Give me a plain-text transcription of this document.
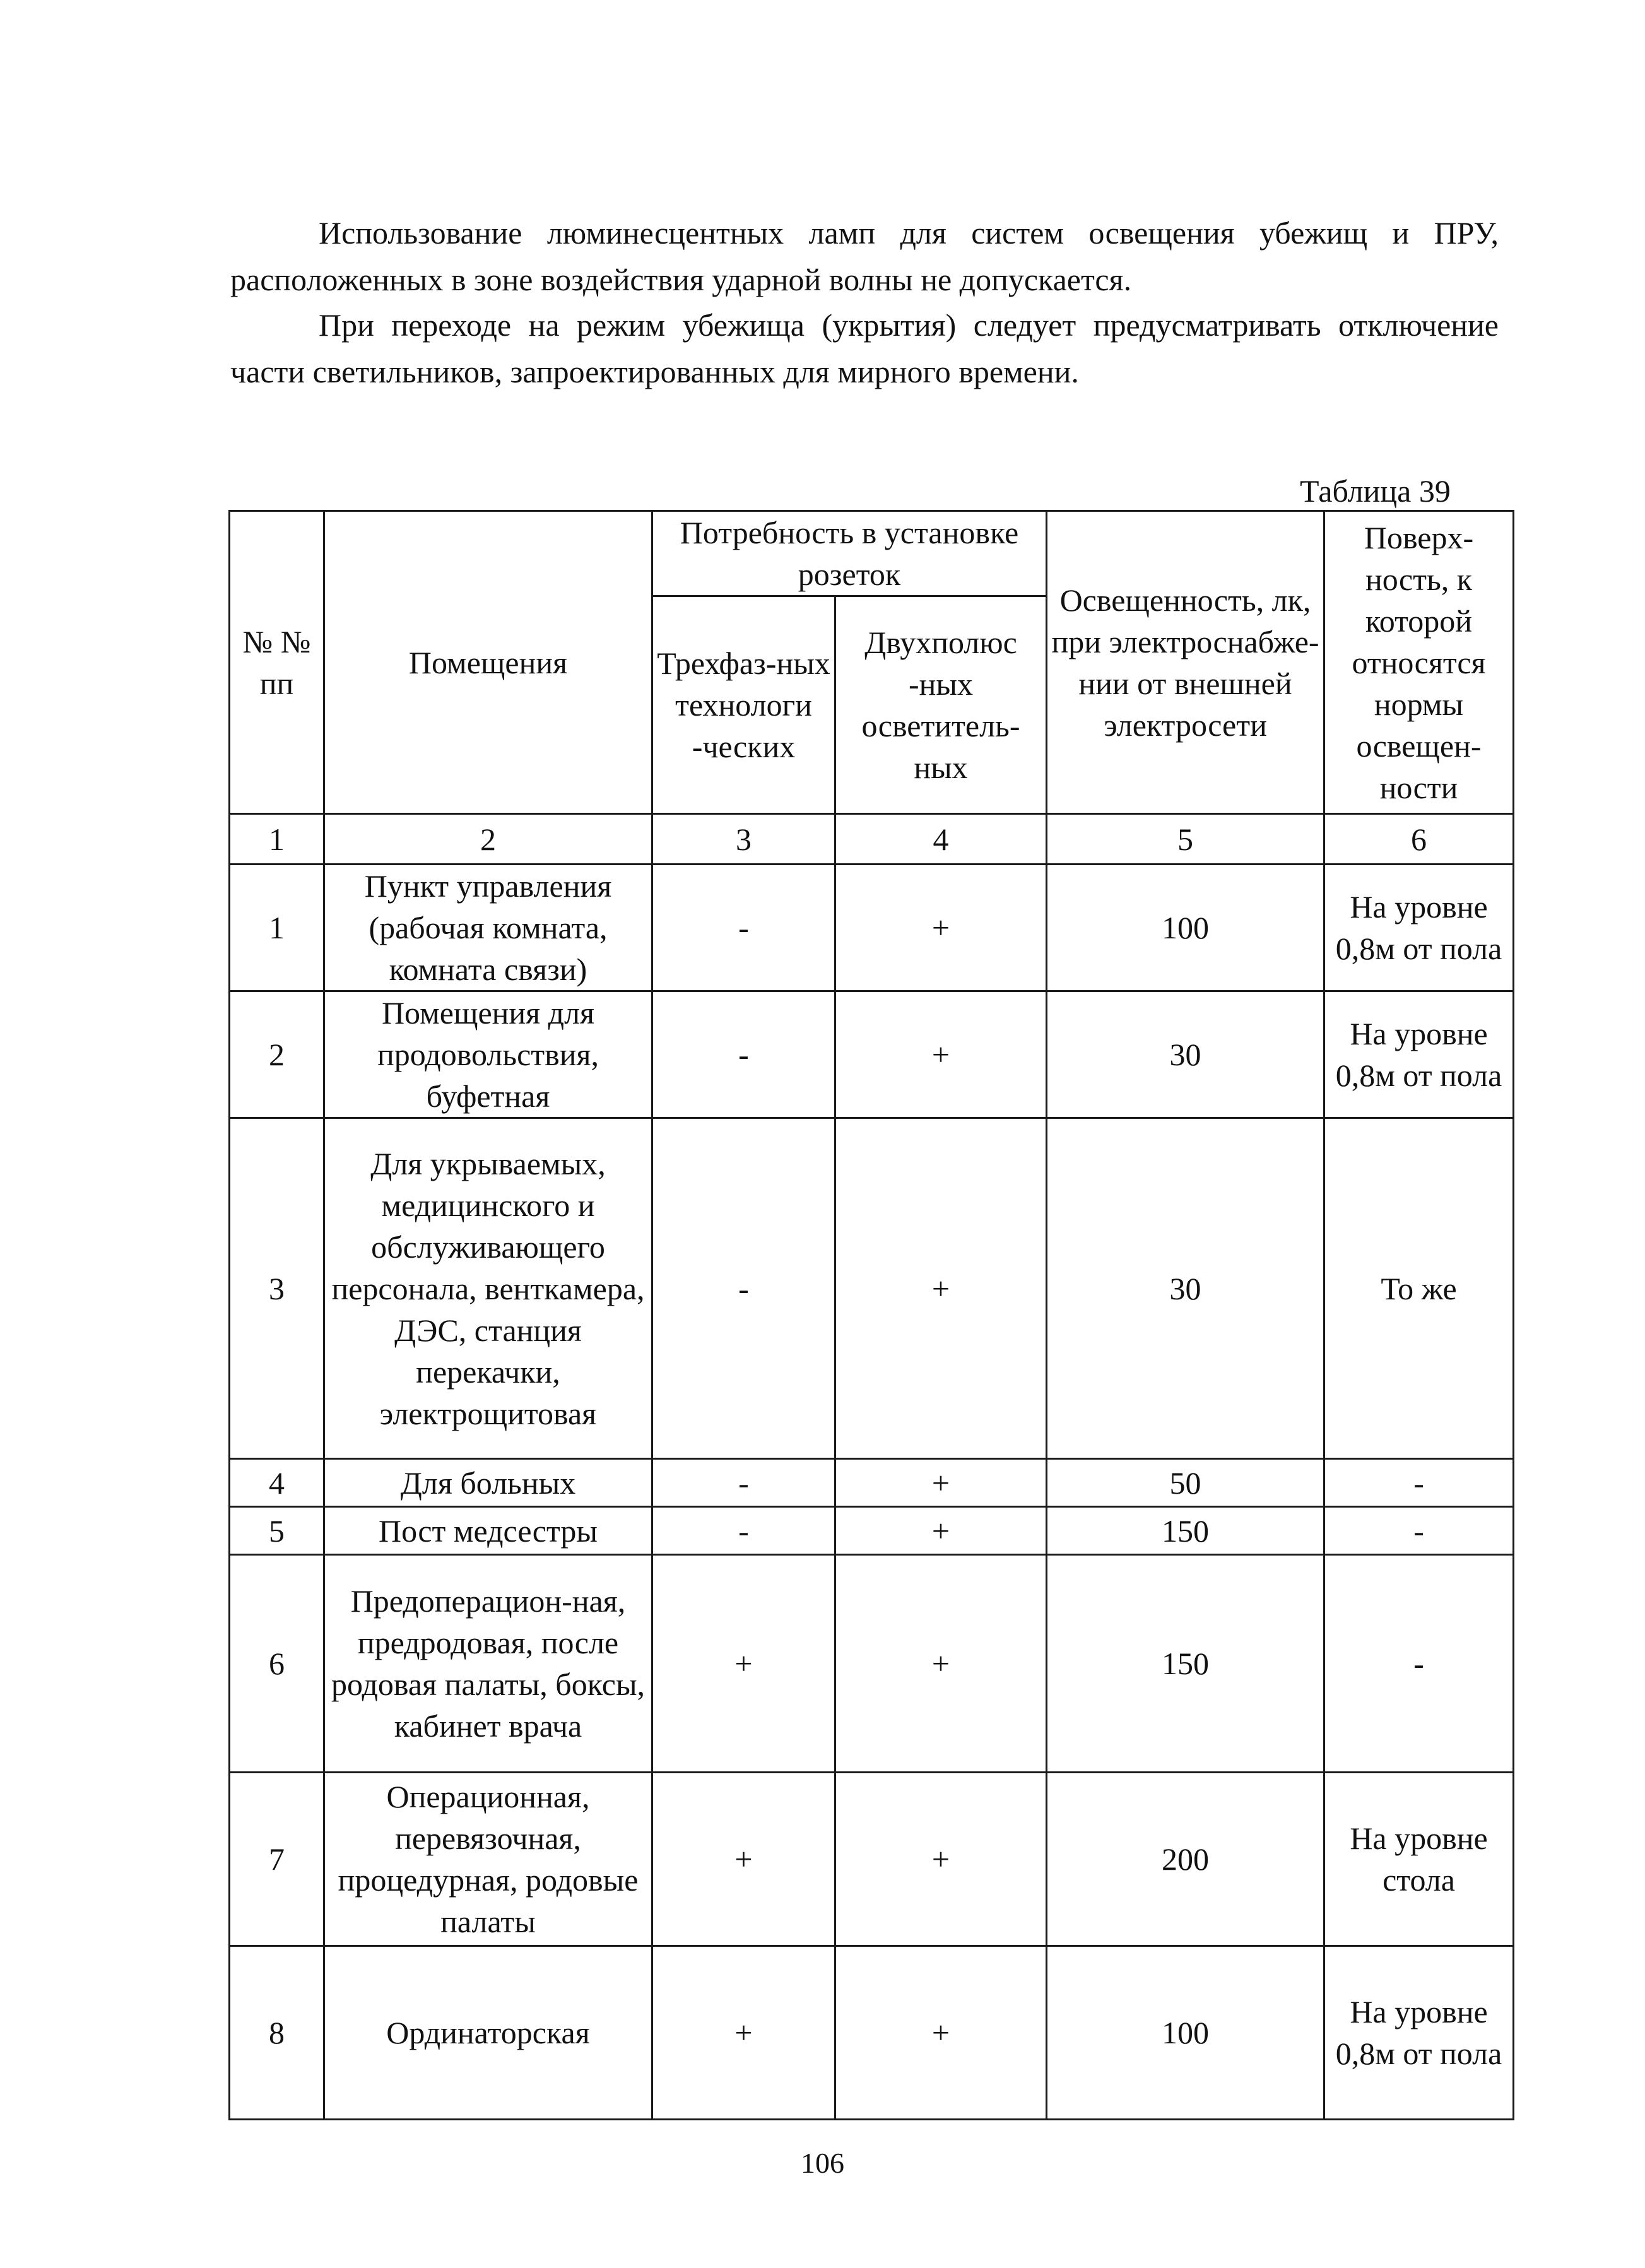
Использование люминесцентных ламп для систем освещения убежищ и ПРУ, расположенных в зоне воздействия ударной волны не допускается.

При переходе на режим убежища (укрытия) следует предусматривать отключение части светильников, запроектированных для мирного времени.

Таблица 39
№ № пп	Помещения	Потребность в установке розеток		Освещенность, лк, при электроснабже-нии от внешней электросети	Поверх-ность, к которой относятся нормы освещен-ности
		Трехфаз-ных технологи -ческих	Двухполюс -ных осветитель-ных		
1	2	3	4	5	6
1	Пункт управления (рабочая комната, комната связи)	-	+	100	На уровне 0,8м от пола
2	Помещения для продовольствия, буфетная	-	+	30	На уровне 0,8м от пола
3	Для укрываемых, медицинского и обслуживающего персонала, венткамера, ДЭС, станция перекачки, электрощитовая	-	+	30	То же
4	Для больных	-	+	50	-
5	Пост медсестры	-	+	150	-
6	Предоперацион-ная, предродовая, после родовая палаты, боксы, кабинет врача	+	+	150	-
7	Операционная, перевязочная, процедурная, родовые палаты	+	+	200	На уровне стола
8	Ординаторская	+	+	100	На уровне 0,8м от пола
106
